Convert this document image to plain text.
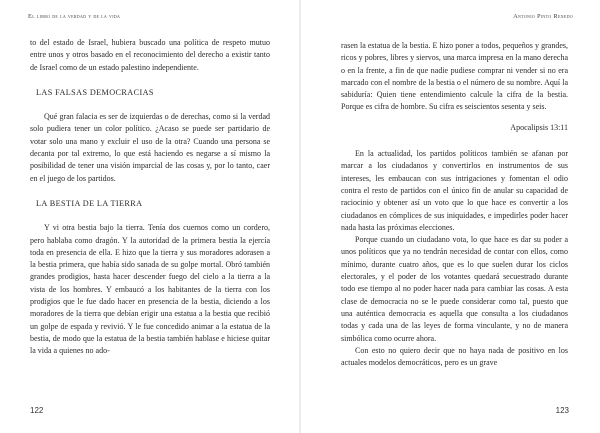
El libro de la verdad y de la vida

to del estado de Israel, hubiera buscado una política de respeto mutuo entre unos y otros basado en el reconocimiento del derecho a existir tanto de Israel como de un estado palestino independiente.

LAS FALSAS DEMOCRACIAS

Qué gran falacia es ser de izquierdas o de derechas, como si la verdad solo pudiera tener un color político. ¿Acaso se puede ser partidario de votar solo una mano y excluir el uso de la otra? Cuando una persona se decanta por tal extremo, lo que está haciendo es negarse a sí mismo la posibilidad de tener una visión imparcial de las cosas y, por lo tanto, caer en el juego de los partidos.

LA BESTIA DE LA TIERRA

Y vi otra bestia bajo la tierra. Tenía dos cuernos como un cordero, pero hablaba como dragón. Y la autoridad de la primera bestia la ejercía toda en presencia de ella. E hizo que la tierra y sus moradores adorasen a la bestia primera, que había sido sanada de su golpe mortal. Obró también grandes prodigios, hasta hacer descender fuego del cielo a la tierra a la vista de los hombres. Y embaucó a los habitantes de la tierra con los prodigios que le fue dado hacer en presencia de la bestia, diciendo a los moradores de la tierra que debían erigir una estatua a la bestia que recibió un golpe de espada y revivió. Y le fue concedido animar a la estatua de la bestia, de modo que la estatua de la bestia también hablase e hiciese quitar la vida a quienes no ado-

122
Antonio Pinto Renedo

rasen la estatua de la bestia. E hizo poner a todos, pequeños y grandes, ricos y pobres, libres y siervos, una marca impresa en la mano derecha o en la frente, a fin de que nadie pudiese comprar ni vender si no era marcado con el nombre de la bestia o el número de su nombre. Aquí la sabiduría: Quien tiene entendimiento calcule la cifra de la bestia. Porque es cifra de hombre. Su cifra es seiscientos sesenta y seis.

Apocalipsis 13:11

En la actualidad, los partidos políticos también se afanan por marcar a los ciudadanos y convertirlos en instrumentos de sus intereses, les embaucan con sus intrigaciones y fomentan el odio contra el resto de partidos con el único fin de anular su capacidad de raciocinio y obtener así un voto que lo que hace es convertir a los ciudadanos en cómplices de sus iniquidades, e impedirles poder hacer nada hasta las próximas elecciones.

Porque cuando un ciudadano vota, lo que hace es dar su poder a unos políticos que ya no tendrán necesidad de contar con ellos, como mínimo, durante cuatro años, que es lo que suelen durar los ciclos electorales, y el poder de los votantes quedará secuestrado durante todo ese tiempo al no poder hacer nada para cambiar las cosas. A esta clase de democracia no se le puede considerar como tal, puesto que una auténtica democracia es aquella que consulta a los ciudadanos todas y cada una de las leyes de forma vinculante, y no de manera simbólica como ocurre ahora.

Con esto no quiero decir que no haya nada de positivo en los actuales modelos democráticos, pero es un grave

123
